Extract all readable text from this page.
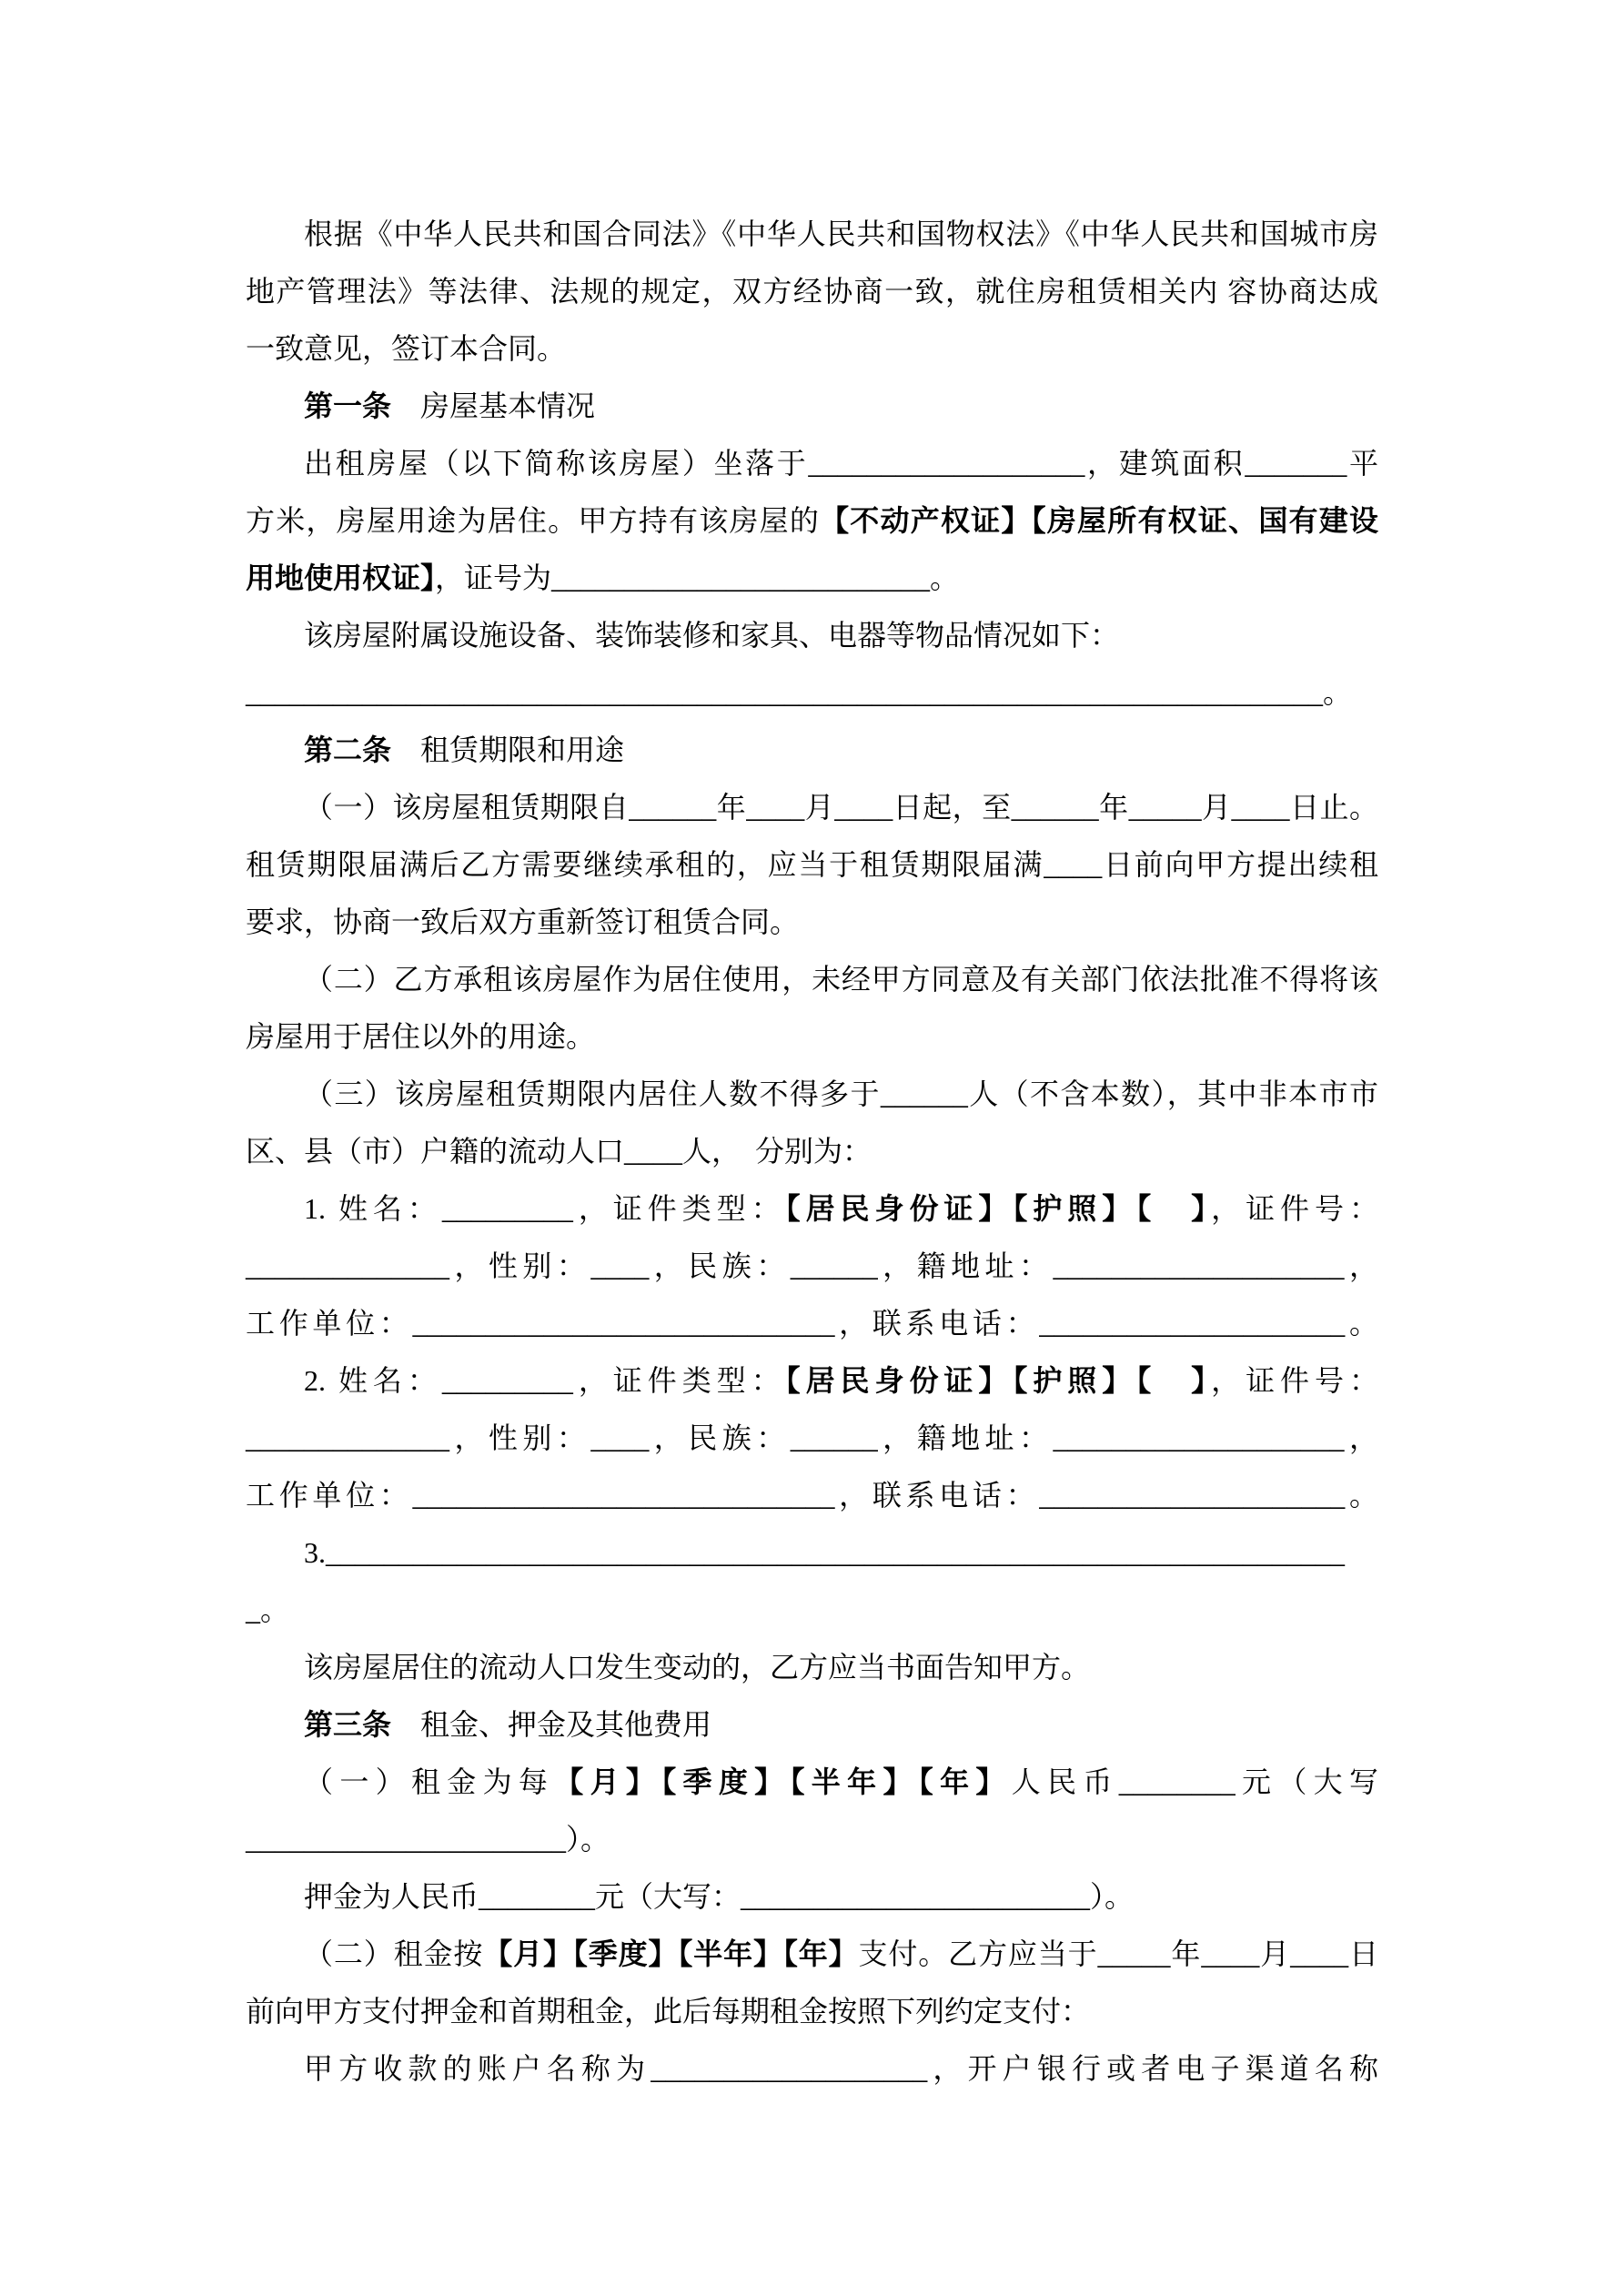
根据《中华人民共和国合同法》《中华人民共和国物权法》《中华人民共和国城市房

地产管理法》等法律、法规的规定，双方经协商一致，就住房租赁相关内 容协商达成

一致意见，签订本合同。

第一条　房屋基本情况

出租房屋（以下简称该房屋）坐落于___________________，建筑面积_______平

方米，房屋用途为居住。甲方持有该房屋的【不动产权证】【房屋所有权证、国有建设

用地使用权证】，证号为__________________________。

该房屋附属设施设备、装饰装修和家具、电器等物品情况如下：

__________________________________________________________________________。

第二条　租赁期限和用途

（一）该房屋租赁期限自______年____月____日起，至______年_____月____日止。

租赁期限届满后乙方需要继续承租的，应当于租赁期限届满____日前向甲方提出续租

要求，协商一致后双方重新签订租赁合同。

（二）乙方承租该房屋作为居住使用，未经甲方同意及有关部门依法批准不得将该

房屋用于居住以外的用途。

（三）该房屋租赁期限内居住人数不得多于______人（不含本数），其中非本市市

区、县（市）户籍的流动人口____人，　分别为：

1. 姓名：_________，证件类型：【居民身份证】【护照】【　】，证件号：

______________，性别：____，民族：______，籍地址：____________________，

工作单位：_____________________________，联系电话：_____________________。

2. 姓名：_________，证件类型：【居民身份证】【护照】【　】，证件号：

______________，性别：____，民族：______，籍地址：____________________，

工作单位：_____________________________，联系电话：_____________________。

3.______________________________________________________________________

_。

该房屋居住的流动人口发生变动的，乙方应当书面告知甲方。

第三条　租金、押金及其他费用

（一）租金为每【月】【季度】【半年】【年】人民币________元（大写

______________________）。

押金为人民币________元（大写：________________________）。

（二）租金按【月】【季度】【半年】【年】支付。乙方应当于_____年____月____日

前向甲方支付押金和首期租金，此后每期租金按照下列约定支付：

甲方收款的账户名称为___________________，开户银行或者电子渠道名称
